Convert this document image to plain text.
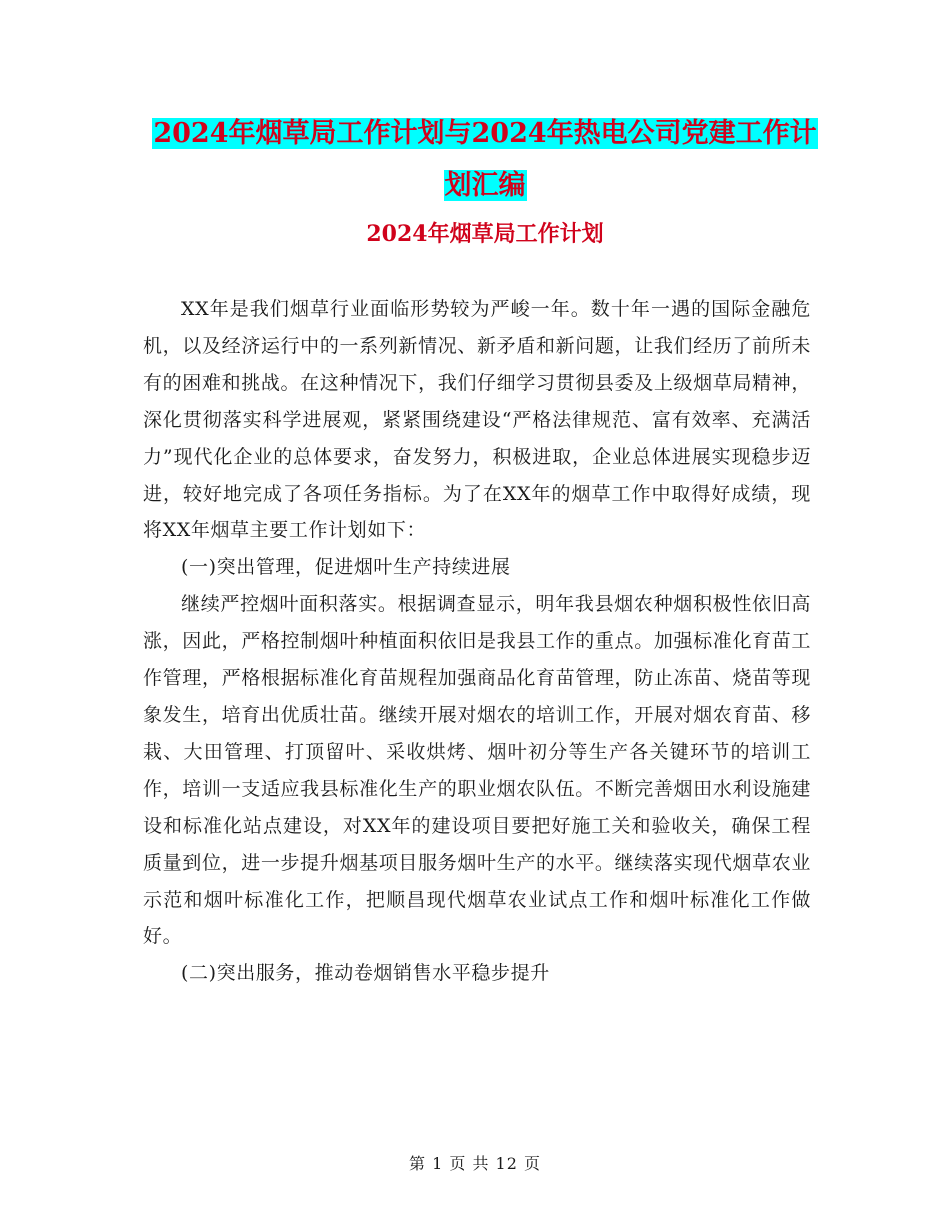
2024年烟草局工作计划与2024年热电公司党建工作计
划汇编
2024年烟草局工作计划

XX年是我们烟草行业面临形势较为严峻一年。数十年一遇的国际金融危机，以及经济运行中的一系列新情况、新矛盾和新问题，让我们经历了前所未有的困难和挑战。在这种情况下，我们仔细学习贯彻县委及上级烟草局精神，深化贯彻落实科学进展观，紧紧围绕建设“严格法律规范、富有效率、充满活力”现代化企业的总体要求，奋发努力，积极进取，企业总体进展实现稳步迈进，较好地完成了各项任务指标。为了在XX年的烟草工作中取得好成绩，现将XX年烟草主要工作计划如下：

(一)突出管理，促进烟叶生产持续进展

继续严控烟叶面积落实。根据调查显示，明年我县烟农种烟积极性依旧高涨，因此，严格控制烟叶种植面积依旧是我县工作的重点。加强标准化育苗工作管理，严格根据标准化育苗规程加强商品化育苗管理，防止冻苗、烧苗等现象发生，培育出优质壮苗。继续开展对烟农的培训工作，开展对烟农育苗、移栽、大田管理、打顶留叶、采收烘烤、烟叶初分等生产各关键环节的培训工作，培训一支适应我县标准化生产的职业烟农队伍。不断完善烟田水利设施建设和标准化站点建设，对XX年的建设项目要把好施工关和验收关，确保工程质量到位，进一步提升烟基项目服务烟叶生产的水平。继续落实现代烟草农业示范和烟叶标准化工作，把顺昌现代烟草农业试点工作和烟叶标准化工作做好。

(二)突出服务，推动卷烟销售水平稳步提升

第 1 页 共 12 页
